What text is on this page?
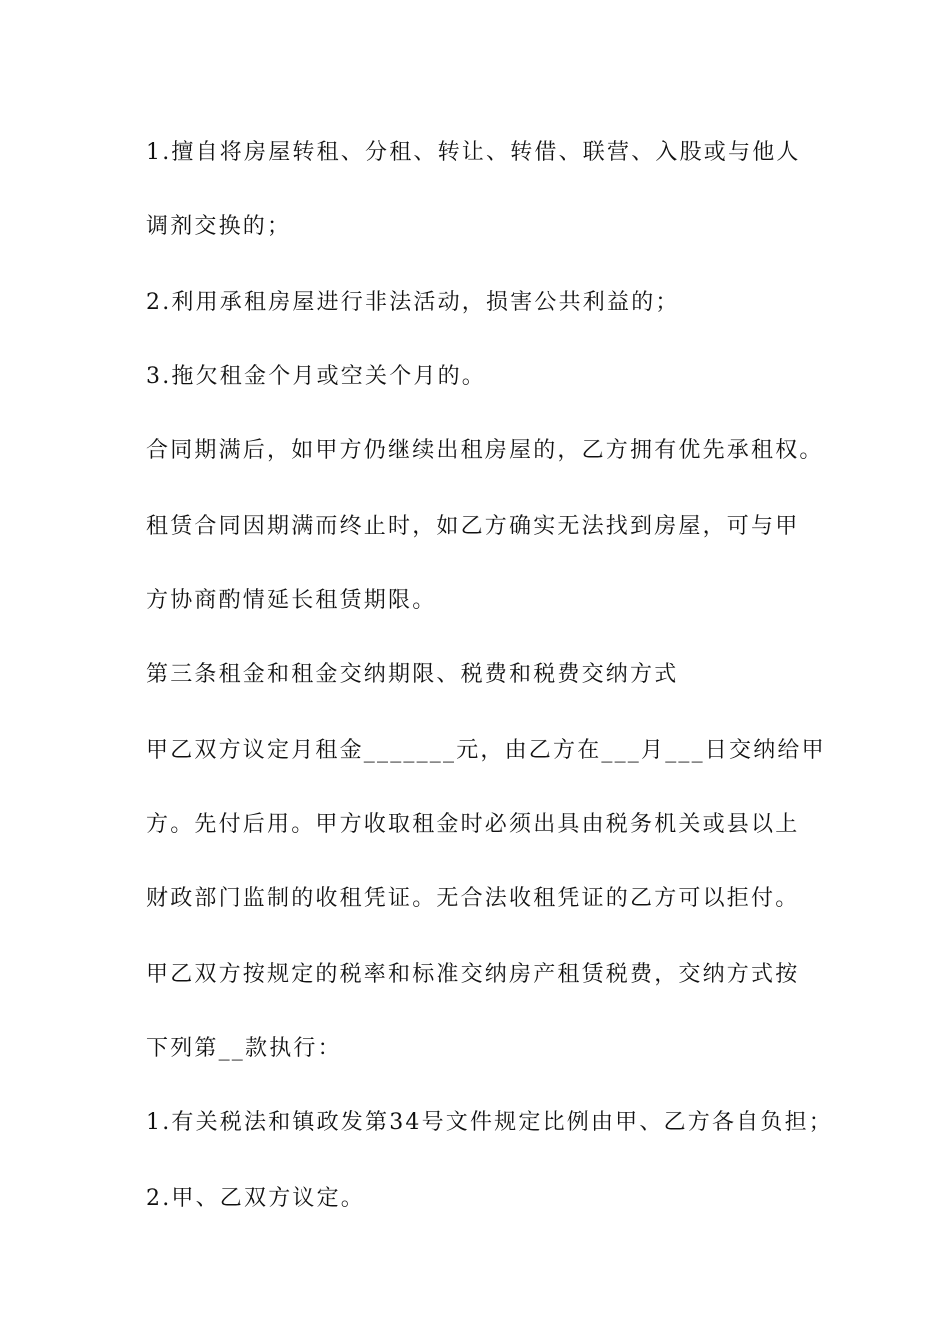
1.擅自将房屋转租、分租、转让、转借、联营、入股或与他人
调剂交换的；
2.利用承租房屋进行非法活动，损害公共利益的；
3.拖欠租金个月或空关个月的。
合同期满后，如甲方仍继续出租房屋的，乙方拥有优先承租权。
租赁合同因期满而终止时，如乙方确实无法找到房屋，可与甲
方协商酌情延长租赁期限。
第三条租金和租金交纳期限、税费和税费交纳方式
甲乙双方议定月租金_______元，由乙方在___月___日交纳给甲
方。先付后用。甲方收取租金时必须出具由税务机关或县以上
财政部门监制的收租凭证。无合法收租凭证的乙方可以拒付。
甲乙双方按规定的税率和标准交纳房产租赁税费，交纳方式按
下列第__款执行：
1.有关税法和镇政发第34号文件规定比例由甲、乙方各自负担；
2.甲、乙双方议定。
